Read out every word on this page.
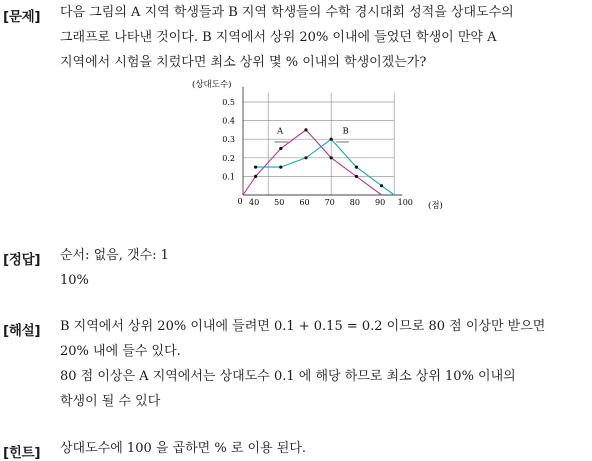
[문제] 다음 그림의 A 지역 학생들과 B 지역 학생들의 수학 경시대회 성적을 상대도수의
그래프로 나타낸 것이다. B 지역에서 상위 20% 이내에 들었던 학생이 만약 A
지역에서 시험을 치렀다면 최소 상위 몇 % 이내의 학생이겠는가?
0.1
0.2
0.3
0.4
0.5
0 40 50 60 70 80 90 100
A	B
(상대도수)
(점)
[정답] 순서: 없음, 갯수: 1
10%
[해설] B 지역에서 상위 20% 이내에 들려면 0.1 + 0.15 = 0.2 이므로 80 점 이상만 받으면
20% 내에 들수 있다.
80 점 이상은 A 지역에서는 상대도수 0.1 에 해당 하므로 최소 상위 10% 이내의
학생이 될 수 있다
[힌트] 상대도수에 100 을 곱하면 % 로 이용 된다.
